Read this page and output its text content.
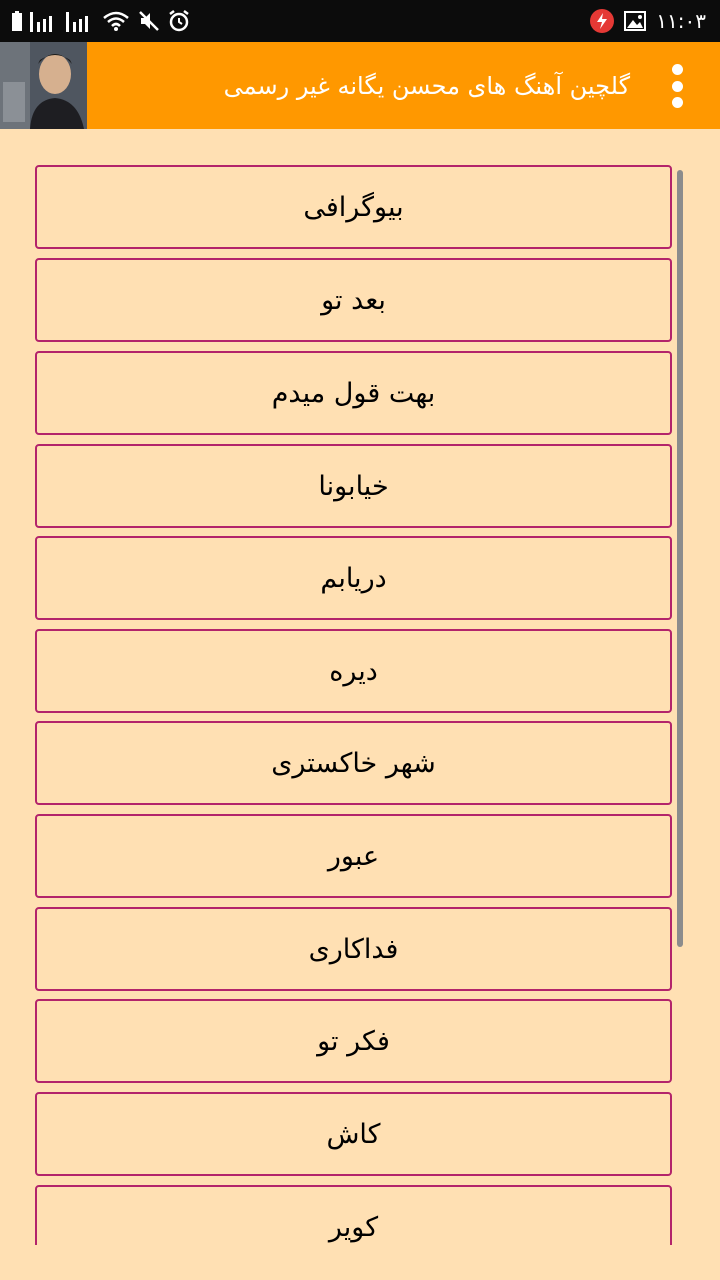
۱۱:۰۳
گلچین آهنگ های محسن یگانه غیر رسمی
بیوگرافی
بعد تو
بهت قول میدم
خیابونا
دریابم
دیره
شهر خاکستری
عبور
فداکاری
فکر تو
کاش
کویر
